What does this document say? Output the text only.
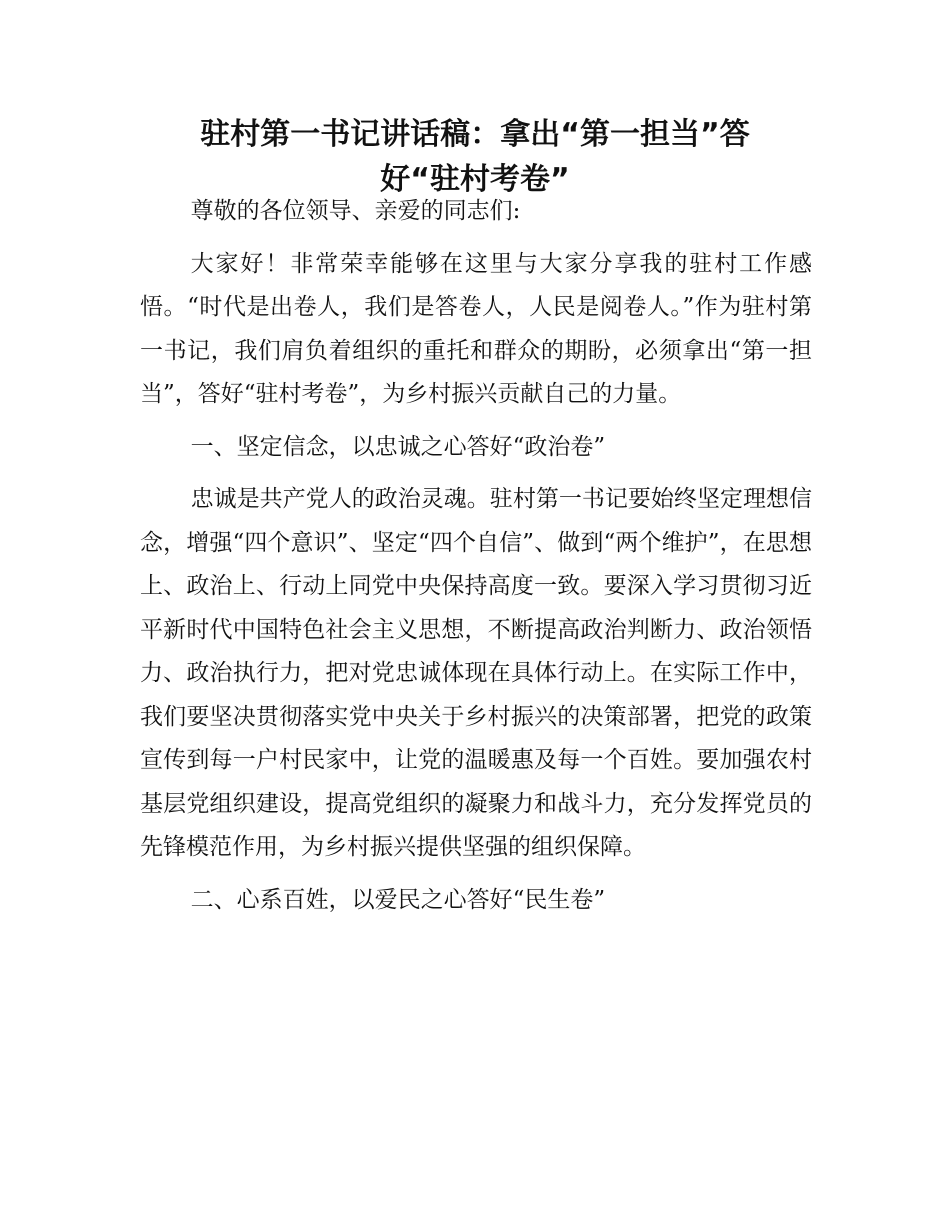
驻村第一书记讲话稿：拿出“第一担当”答
好“驻村考卷”

尊敬的各位领导、亲爱的同志们:

大家好！非常荣幸能够在这里与大家分享我的驻村工作感悟。“时代是出卷人，我们是答卷人，人民是阅卷人。”作为驻村第一书记，我们肩负着组织的重托和群众的期盼，必须拿出“第一担当”，答好“驻村考卷”，为乡村振兴贡献自己的力量。

一、坚定信念，以忠诚之心答好“政治卷”

忠诚是共产党人的政治灵魂。驻村第一书记要始终坚定理想信念，增强“四个意识”、坚定“四个自信”、做到“两个维护”，在思想上、政治上、行动上同党中央保持高度一致。要深入学习贯彻习近平新时代中国特色社会主义思想，不断提高政治判断力、政治领悟力、政治执行力，把对党忠诚体现在具体行动上。在实际工作中，我们要坚决贯彻落实党中央关于乡村振兴的决策部署，把党的政策宣传到每一户村民家中，让党的温暖惠及每一个百姓。要加强农村基层党组织建设，提高党组织的凝聚力和战斗力，充分发挥党员的先锋模范作用，为乡村振兴提供坚强的组织保障。

二、心系百姓，以爱民之心答好“民生卷”
